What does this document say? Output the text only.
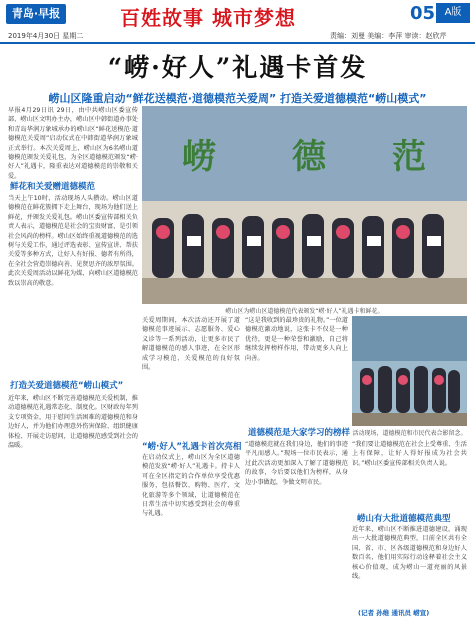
青岛·早报	百姓故事 城市梦想	05 A版
2019年4月30日 星期二	责编：刘曼 美编：李萍 审读：赵欣芹
“崂·好人”礼遇卡首发
崂山区隆重启动“鲜花送模范·道德模范关爱周” 打造关爱道德模范“崂山模式”
早报4月29日讯 29日，由中共崂山区委宣传部、崂山区文明办主办，崂山区中韩街道办事处和青岛华润万象城承办的崂山区“鲜花送模范·道德模范关爱周”启动仪式在中韩街道华润万象城正式举行。本次关爱周上，崂山区为6名崂山道德模范颁发关爱礼包，为全区道德模范颁发“崂·好人”礼遇卡，隆重表达对道德模范的崇敬和关爱。
鲜花和关爱赠道德模范
当天上午10时，活动现场人头攒动。崂山区道德模范在鲜花簇拥下走上舞台，现场为他们送上鲜花，并颁发关爱礼包。崂山区委宣传部相关负责人表示，道德模范是社会的宝贵财富，是引领社会风尚的榜样。崂山区始终重视道德模范的选树与关爱工作，通过评选表彰、宣传宣讲、帮扶关爱等多种方式，让好人有好报、德者有所得，在全社会营造崇德向善、见贤思齐的浓厚氛围。此次关爱周活动以鲜花为媒，向崂山区道德模范致以崇高的敬意。
打造关爱道德模范“崂山模式”
近年来，崂山区不断完善道德模范关爱机制，推动道德模范礼遇常态化、制度化。区财政每年列支专项资金，用于慰问生活困难的道德模范和身边好人，并为他们办理意外伤害保险、组织健康体检、开展走访慰问，让道德模范感受到社会的温暖。
崂 德 范
崂山区为崂山区道德模范代表颁发“崂·好人”礼遇卡和鲜花。
关爱周期间，本次活动还开展了道德模范事迹展示、志愿服务、爱心义诊等一系列活动，让更多市民了解道德模范的感人事迹，在全区形成学习模范、关爱模范的良好氛围。
“崂·好人”礼遇卡首次亮相
在启动仪式上，崂山区为全区道德模范发放“崂·好人”礼遇卡。持卡人可在全区指定的合作单位享受优惠服务，包括餐饮、购物、医疗、文化旅游等多个领域，让道德模范在日常生活中切实感受到社会的尊重与礼遇。
“这是我收到的最珍贵的礼物。”一位道德模范激动地说，这张卡不仅是一种优待，更是一种荣誉和激励，自己将继续发挥榜样作用，带动更多人向上向善。
道德模范是大家学习的榜样
“道德模范就在我们身边，他们的事迹平凡而感人。”现场一位市民表示，通过此次活动更加深入了解了道德模范的故事，今后要以他们为榜样，从身边小事做起，争做文明市民。
活动现场，道德模范和市民代表合影留念。
“我们要让道德模范在社会上受尊重、生活上有保障，让好人得好报成为社会共识。”崂山区委宣传部相关负责人说。
崂山有大批道德模范典型
近年来，崂山区不断推进道德建设，涌现出一大批道德模范典型，目前全区共有全国、省、市、区各级道德模范和身边好人数百名，他们用实际行动诠释着社会主义核心价值观，成为崂山一道亮丽的风景线。
(记者 孙维 通讯员 崂宣)
